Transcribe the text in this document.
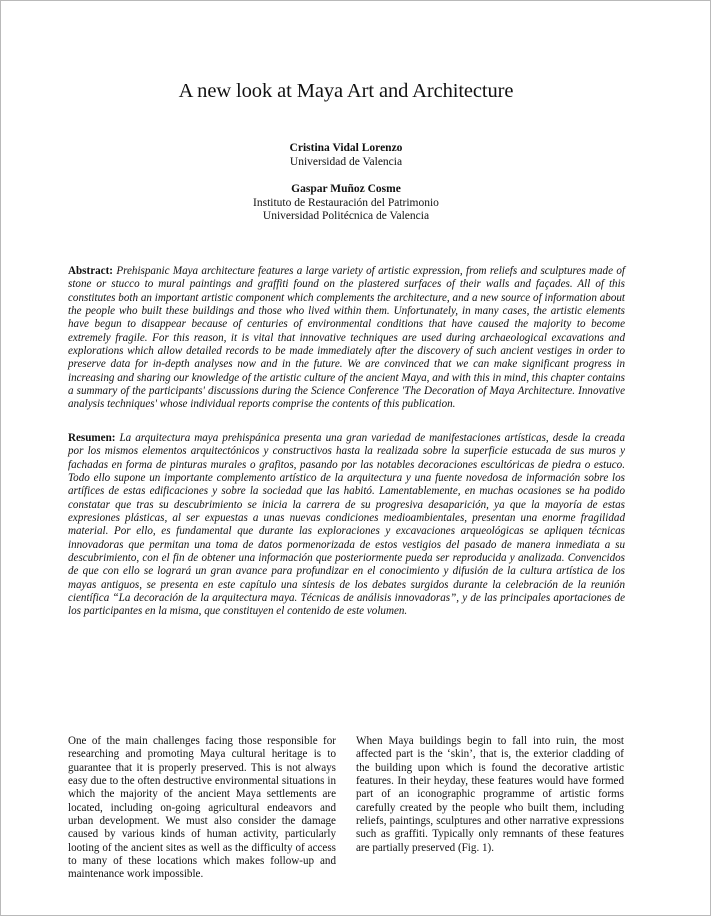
A new look at Maya Art and Architecture
Cristina Vidal Lorenzo
Universidad de Valencia
Gaspar Muñoz Cosme
Instituto de Restauración del Patrimonio
Universidad Politécnica de Valencia
Abstract: Prehispanic Maya architecture features a large variety of artistic expression, from reliefs and sculptures made of stone or stucco to mural paintings and graffiti found on the plastered surfaces of their walls and façades. All of this constitutes both an important artistic component which complements the architecture, and a new source of information about the people who built these buildings and those who lived within them. Unfortunately, in many cases, the artistic elements have begun to disappear because of centuries of environmental conditions that have caused the majority to become extremely fragile. For this reason, it is vital that innovative techniques are used during archaeological excavations and explorations which allow detailed records to be made immediately after the discovery of such ancient vestiges in order to preserve data for in-depth analyses now and in the future. We are convinced that we can make significant progress in increasing and sharing our knowledge of the artistic culture of the ancient Maya, and with this in mind, this chapter contains a summary of the participants' discussions during the Science Conference 'The Decoration of Maya Architecture. Innovative analysis techniques' whose individual reports comprise the contents of this publication.
Resumen: La arquitectura maya prehispánica presenta una gran variedad de manifestaciones artísticas, desde la creada por los mismos elementos arquitectónicos y constructivos hasta la realizada sobre la superficie estucada de sus muros y fachadas en forma de pinturas murales o grafitos, pasando por las notables decoraciones escultóricas de piedra o estuco. Todo ello supone un importante complemento artístico de la arquitectura y una fuente novedosa de información sobre los artífices de estas edificaciones y sobre la sociedad que las habitó. Lamentablemente, en muchas ocasiones se ha podido constatar que tras su descubrimiento se inicia la carrera de su progresiva desaparición, ya que la mayoría de estas expresiones plásticas, al ser expuestas a unas nuevas condiciones medioambientales, presentan una enorme fragilidad material. Por ello, es fundamental que durante las exploraciones y excavaciones arqueológicas se apliquen técnicas innovadoras que permitan una toma de datos pormenorizada de estos vestigios del pasado de manera inmediata a su descubrimiento, con el fin de obtener una información que posteriormente pueda ser reproducida y analizada. Convencidos de que con ello se logrará un gran avance para profundizar en el conocimiento y difusión de la cultura artística de los mayas antiguos, se presenta en este capítulo una síntesis de los debates surgidos durante la celebración de la reunión científica “La decoración de la arquitectura maya. Técnicas de análisis innovadoras”, y de las principales aportaciones de los participantes en la misma, que constituyen el contenido de este volumen.
One of the main challenges facing those responsible for researching and promoting Maya cultural heritage is to guarantee that it is properly preserved. This is not always easy due to the often destructive environmental situations in which the majority of the ancient Maya settlements are located, including on-going agricultural endeavors and urban development. We must also consider the damage caused by various kinds of human activity, particularly looting of the ancient sites as well as the difficulty of access to many of these locations which makes follow-up and maintenance work impossible.
When Maya buildings begin to fall into ruin, the most affected part is the ‘skin’, that is, the exterior cladding of the building upon which is found the decorative artistic features. In their heyday, these features would have formed part of an iconographic programme of artistic forms carefully created by the people who built them, including reliefs, paintings, sculptures and other narrative expressions such as graffiti. Typically only remnants of these features are partially preserved (Fig. 1).
